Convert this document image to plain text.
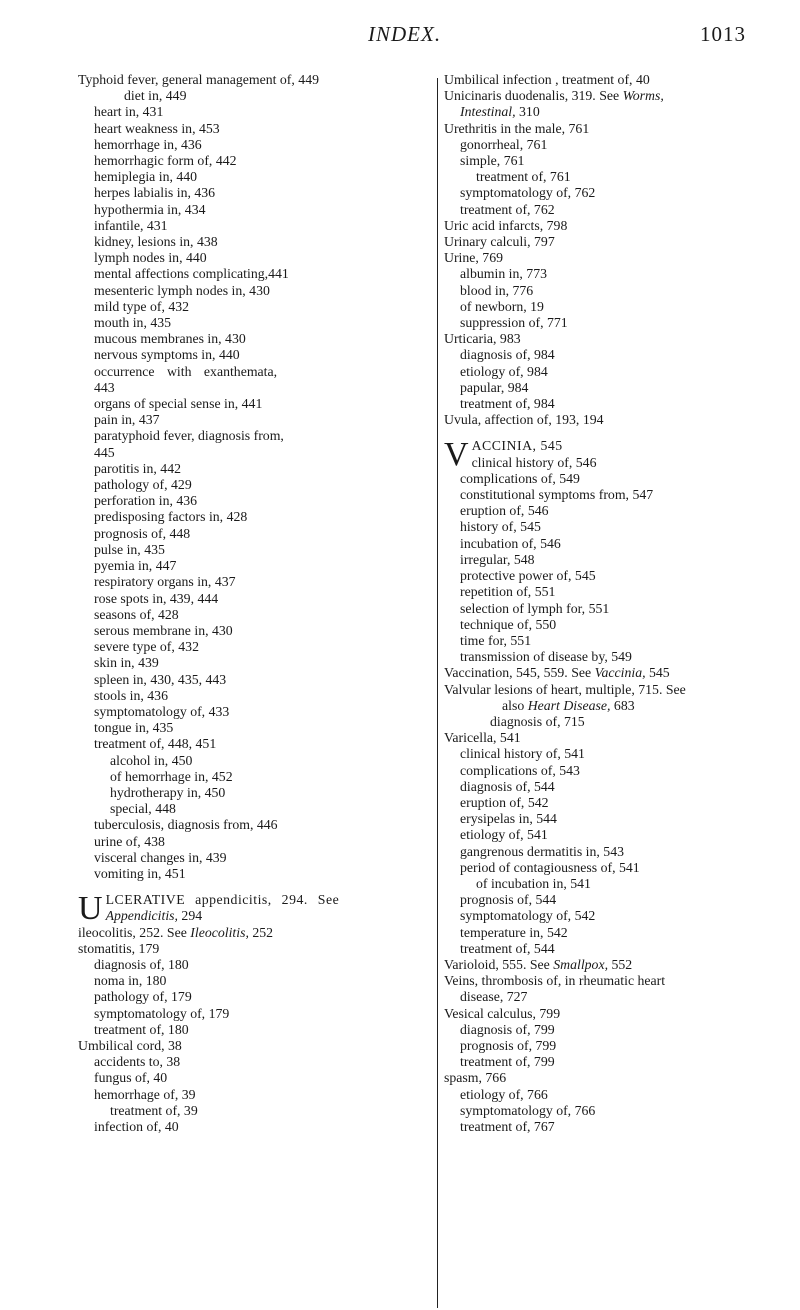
INDEX.	1013
Typhoid fever, general management of, 449
diet in, 449
heart in, 431
heart weakness in, 453
hemorrhage in, 436
hemorrhagic form of, 442
hemiplegia in, 440
herpes labialis in, 436
hypothermia in, 434
infantile, 431
kidney, lesions in, 438
lymph nodes in, 440
mental affections complicating,441
mesenteric lymph nodes in, 430
mild type of, 432
mouth in, 435
mucous membranes in, 430
nervous symptoms in, 440
occurrence with exanthemata,
443
organs of special sense in, 441
pain in, 437
paratyphoid fever, diagnosis from,
445
parotitis in, 442
pathology of, 429
perforation in, 436
predisposing factors in, 428
prognosis of, 448
pulse in, 435
pyemia in, 447
respiratory organs in, 437
rose spots in, 439, 444
seasons of, 428
serous membrane in, 430
severe type of, 432
skin in, 439
spleen in, 430, 435, 443
stools in, 436
symptomatology of, 433
tongue in, 435
treatment of, 448, 451
alcohol in, 450
of hemorrhage in, 452
hydrotherapy in, 450
special, 448
tuberculosis, diagnosis from, 446
urine of, 438
visceral changes in, 439
vomiting in, 451
U LCERATIVE appendicitis, 294. See
Appendicitis, 294
ileocolitis, 252. See Ileocolitis, 252
stomatitis, 179
diagnosis of, 180
noma in, 180
pathology of, 179
symptomatology of, 179
treatment of, 180
Umbilical cord, 38
accidents to, 38
fungus of, 40
hemorrhage of, 39
treatment of, 39
infection of, 40
Umbilical infection , treatment of, 40
Unicinaris duodenalis, 319. See Worms,
Intestinal, 310
Urethritis in the male, 761
gonorrheal, 761
simple, 761
treatment of, 761
symptomatology of, 762
treatment of, 762
Uric acid infarcts, 798
Urinary calculi, 797
Urine, 769
albumin in, 773
blood in, 776
of newborn, 19
suppression of, 771
Urticaria, 983
diagnosis of, 984
etiology of, 984
papular, 984
treatment of, 984
Uvula, affection of, 193, 194
V ACCINIA, 545
clinical history of, 546
complications of, 549
constitutional symptoms from, 547
eruption of, 546
history of, 545
incubation of, 546
irregular, 548
protective power of, 545
repetition of, 551
selection of lymph for, 551
technique of, 550
time for, 551
transmission of disease by, 549
Vaccination, 545, 559. See Vaccinia, 545
Valvular lesions of heart, multiple, 715. See
also Heart Disease, 683
diagnosis of, 715
Varicella, 541
clinical history of, 541
complications of, 543
diagnosis of, 544
eruption of, 542
erysipelas in, 544
etiology of, 541
gangrenous dermatitis in, 543
period of contagiousness of, 541
of incubation in, 541
prognosis of, 544
symptomatology of, 542
temperature in, 542
treatment of, 544
Varioloid, 555. See Smallpox, 552
Veins, thrombosis of, in rheumatic heart
disease, 727
Vesical calculus, 799
diagnosis of, 799
prognosis of, 799
treatment of, 799
spasm, 766
etiology of, 766
symptomatology of, 766
treatment of, 767
